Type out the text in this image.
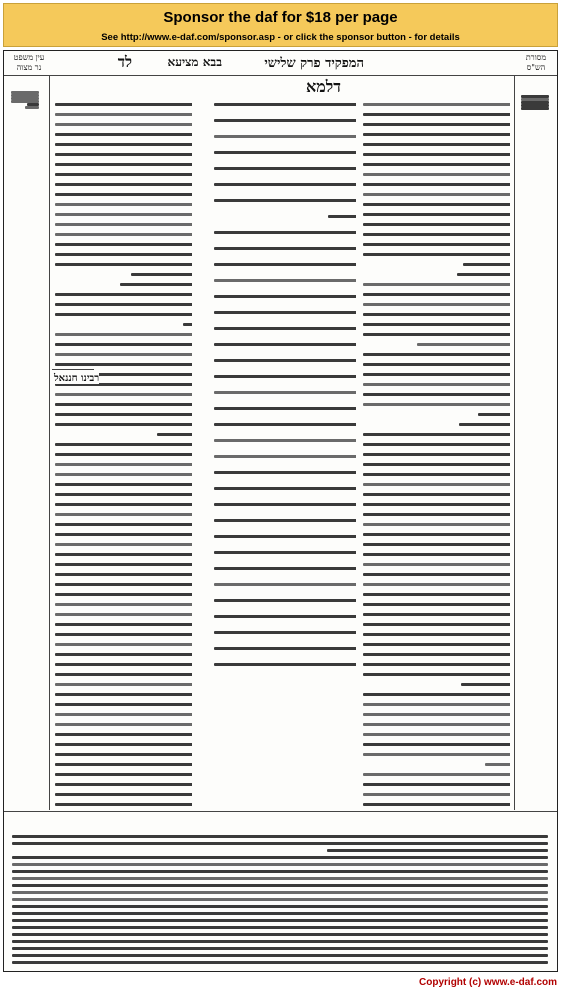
Sponsor the daf for $18 per page
See http://www.e-daf.com/sponsor.asp - or click the sponsor button - for details
עין משפט נר מצוה	לד	בבא מציעא	המפקיד פרק שלישי	מסורת הש"ס
רבינו חננאל
דלמא
Copyright (c) www.e-daf.com
